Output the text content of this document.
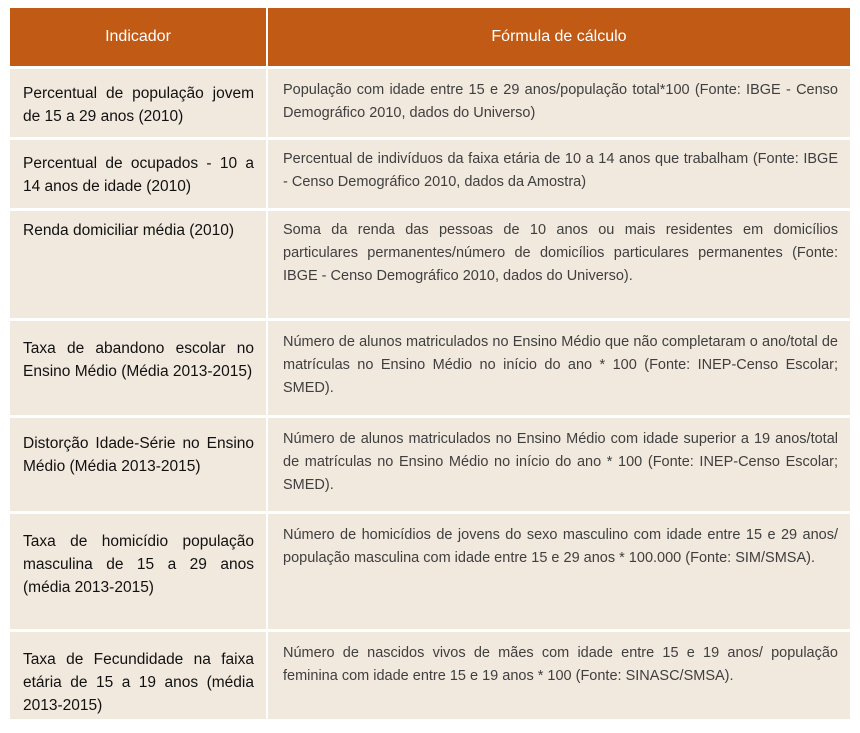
Indicador	Fórmula de cálculo

Percentual de população jovem de 15 a 29 anos (2010)	População com idade entre 15 e 29 anos/população total*100 (Fonte: IBGE - Censo Demográfico 2010, dados do Universo)

Percentual de ocupados - 10 a 14 anos de idade (2010)	Percentual de indivíduos da faixa etária de 10 a 14 anos que trabalham (Fonte: IBGE - Censo Demográfico 2010, dados da Amostra)

Renda domiciliar média (2010)	Soma da renda das pessoas de 10 anos ou mais residentes em domicílios particulares permanentes/número de domicílios particulares permanentes (Fonte: IBGE - Censo Demográfico 2010, dados do Universo).

Taxa de abandono escolar no Ensino Médio (Média 2013-2015)	Número de alunos matriculados no Ensino Médio que não completaram o ano/total de matrículas no Ensino Médio no início do ano * 100 (Fonte: INEP-Censo Escolar; SMED).

Distorção Idade-Série no Ensino Médio (Média 2013-2015)	Número de alunos matriculados no Ensino Médio com idade superior a 19 anos/total de matrículas no Ensino Médio no início do ano * 100 (Fonte: INEP-Censo Escolar; SMED).

Taxa de homicídio população masculina de 15 a 29 anos (média 2013-2015)	Número de homicídios de jovens do sexo masculino com idade entre 15 e 29 anos/ população masculina com idade entre 15 e 29 anos * 100.000 (Fonte: SIM/SMSA).

Taxa de Fecundidade na faixa etária de 15 a 19 anos (média 2013-2015)	Número de nascidos vivos de mães com idade entre 15 e 19 anos/ população feminina com idade entre 15 e 19 anos * 100 (Fonte: SINASC/SMSA).
